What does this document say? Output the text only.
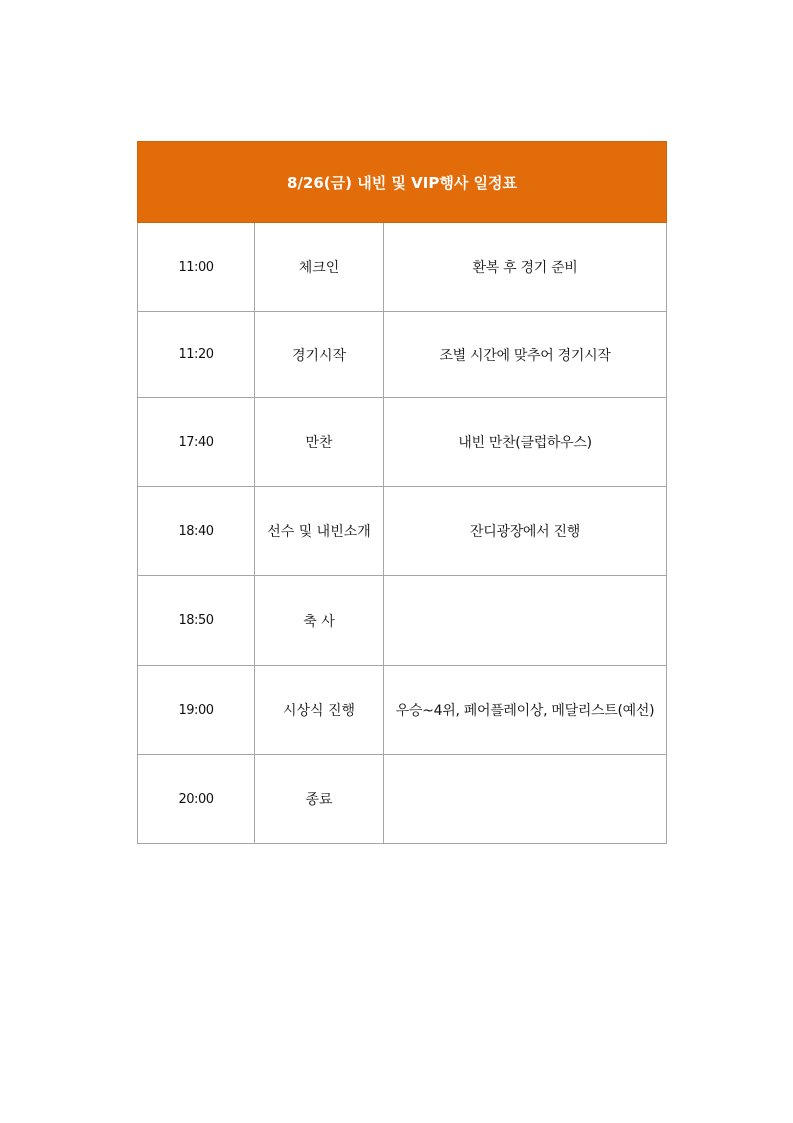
8/26(금) 내빈 및 VIP행사 일정표		
11:00	체크인	환복 후 경기 준비
11:20	경기시작	조별 시간에 맞추어 경기시작
17:40	만찬	내빈 만찬(클럽하우스)
18:40	선수 및 내빈소개	잔디광장에서 진행
18:50	축 사	
19:00	시상식 진행	우승~4위, 페어플레이상, 메달리스트(예선)
20:00	종료	
